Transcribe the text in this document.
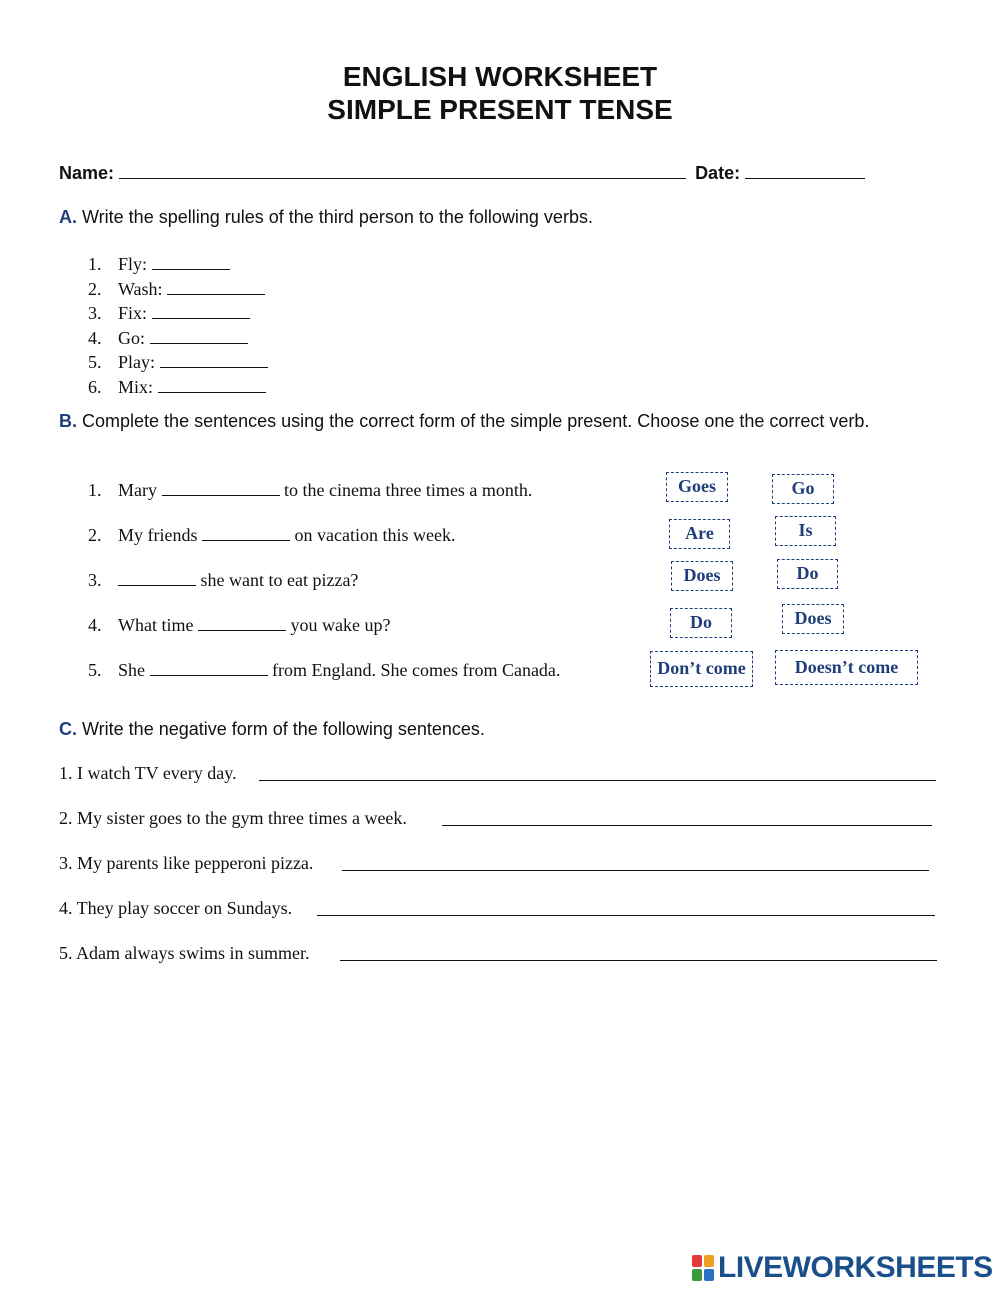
ENGLISH WORKSHEET
SIMPLE PRESENT TENSE
Name:	Date:
A. Write the spelling rules of the third person to the following verbs.
1. Fly:
2. Wash:
3. Fix:
4. Go:
5. Play:
6. Mix:
B. Complete the sentences using the correct form of the simple present. Choose one the correct verb.
1. Mary	to the cinema three times a month.
2. My friends	on vacation this week.
3.	she want to eat pizza?
4. What time	you wake up?
5. She	from England. She comes from Canada.
Goes	Go
Are	Is
Does	Do
Do	Does
Don’t come	Doesn’t come
C. Write the negative form of the following sentences.
1. I watch TV every day.
2. My sister goes to the gym three times a week.
3. My parents like pepperoni pizza.
4. They play soccer on Sundays.
5. Adam always swims in summer.
LIVEWORKSHEETS
